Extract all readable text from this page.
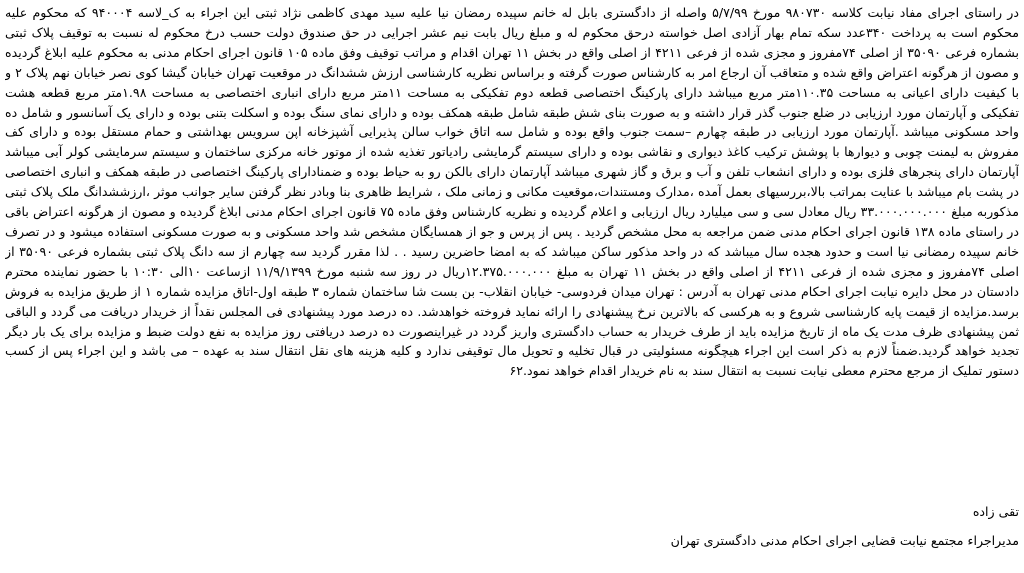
در راستای اجرای مفاد نیابت کلاسه ۹۸۰۷۳۰ مورخ ۵/۷/۹۹ واصله از دادگستری بابل له خانم سپیده رمضان نیا علیه سید مهدی کاظمی نژاد ثبتی این اجراء به ک_لاسه ۹۴۰۰۰۴ که محکوم علیه محکوم است به پرداخت ۳۴۰عدد سکه تمام بهار آزادی اصل خواسته درحق محکوم له و مبلغ ریال بابت نیم عشر اجرایی در حق صندوق دولت حسب درخ محکوم له نسبت به توقیف پلاک ثبتی بشماره فرعی ۳۵۰۹۰ از اصلی ۷۴مفروز و مجزی شده از فرعی ۴۲۱۱ از اصلی واقع در بخش ۱۱ تهران اقدام و مراتب توقیف وفق ماده ۱۰۵ قانون اجرای احکام مدنی به محکوم علیه ابلاغ گردیده و مصون از هرگونه اعتراض واقع شده و متعاقب آن ارجاع امر به کارشناس صورت گرفته و براساس نظریه کارشناسی ارزش ششدانگ در موقعیت تهران خیابان گیشا کوی نصر خیابان نهم پلاک ۲ و با کیفیت دارای اعیانی به مساحت ۱۱۰.۳۵متر مربع میباشد دارای پارکینگ اختصاصی قطعه دوم تفکیکی به مساحت ۱۱متر مربع دارای انباری اختصاصی به مساحت ۱.۹۸متر مربع قطعه هشت تفکیکی و آپارتمان مورد ارزیابی در ضلع جنوب گذر قرار داشته و به صورت بنای شش طبقه شامل طبقه همکف بوده و دارای نمای سنگ بوده و اسکلت بتنی بوده و دارای یک آسانسور و شامل ده واحد مسکونی میباشد .آپارتمان مورد ارزیابی در طبقه چهارم –سمت جنوب واقع بوده و شامل سه اتاق خواب سالن پذیرایی آشپزخانه اپن سرویس بهداشتی و حمام مستقل بوده و دارای کف مفروش به لیمنت چوبی و دیوارها با پوشش ترکیب کاغذ دیواری و نقاشی بوده و دارای سیستم گرمایشی رادیاتور تغذیه شده از موتور خانه مرکزی ساختمان و سیستم سرمایشی کولر آبی میباشد آپارتمان دارای پنجرهای فلزی بوده و دارای انشعاب تلفن و آب و برق و گاز شهری میباشد آپارتمان دارای بالکن رو به حیاط بوده و ضمنادارای پارکینگ اختصاصی در طبقه همکف و انباری اختصاصی در پشت بام میباشد با عنایت بمراتب بالا،بررسیهای بعمل آمده ،مدارک ومستندات،موقعیت مکانی و زمانی ملک ، شرایط ظاهری بنا وبادر نظر گرفتن سایر جوانب موثر ،ارزششدانگ ملک پلاک ثبتی مذکوربه مبلغ ۳۳.۰۰۰.۰۰۰.۰۰۰ ریال معادل سی و سی میلیارد ریال ارزیابی و اعلام گردیده و نظریه کارشناس وفق ماده ۷۵ قانون اجرای احکام مدنی ابلاغ گردیده و مصون از هرگونه اعتراض باقی در راستای ماده ۱۳۸ قانون اجرای احکام مدنی ضمن مراجعه به محل مشخص گردید . پس از پرس و جو از همسایگان مشخص شد واحد مسکونی و به صورت مسکونی استفاده میشود و در تصرف خانم سپیده رمضانی نیا است و حدود هجده سال میباشد که در واحد مذکور ساکن میباشد که به امضا حاضرین رسید . . لذا مقرر گردید سه چهارم از سه دانگ پلاک ثبتی بشماره فرعی ۳۵۰۹۰ از اصلی ۷۴مفروز و مجزی شده از فرعی ۴۲۱۱ از اصلی واقع در بخش ۱۱ تهران به مبلغ ۱۲.۳۷۵.۰۰۰.۰۰۰ریال در روز سه شنبه مورخ ۱۱/۹/۱۳۹۹ ازساعت ۱۰الی ۱۰:۳۰ با حضور نماینده محترم دادستان در محل دایره نیابت اجرای احکام مدنی تهران به آدرس : تهران میدان فردوسی- خیابان انقلاب- بن بست شا ساختمان شماره ۳ طبقه اول-اتاق مزایده شماره ۱ از طریق مزایده به فروش برسد.مزایده از قیمت پایه کارشناسی شروع و به هرکسی که بالاترین نرخ پیشنهادی را ارائه نماید فروخته خواهدشد. ده درصد مورد پیشنهادی فی المجلس نقداً از خریدار دریافت می گردد و الباقی ثمن پیشنهادی ظرف مدت یک ماه از تاریخ مزایده باید از طرف خریدار به حساب دادگستری واریز گردد در غیراینصورت ده درصد دریافتی روز مزایده به نفع دولت ضبط و مزایده برای یک بار دیگر تجدید خواهد گردید.ضمناً لازم به ذکر است این اجراء هیچگونه مسئولیتی در قبال تخلیه و تحویل مال توقیفی ندارد و کلیه هزینه های نقل انتقال سند به عهده – می باشد و این اجراء پس از کسب دستور تملیک از مرجع محترم معطی نیابت نسبت به انتقال سند به نام خریدار اقدام خواهد نمود.۶۲

تقی زاده
مدیراجراء مجتمع نیابت قضایی اجرای احکام مدنی دادگستری تهران
